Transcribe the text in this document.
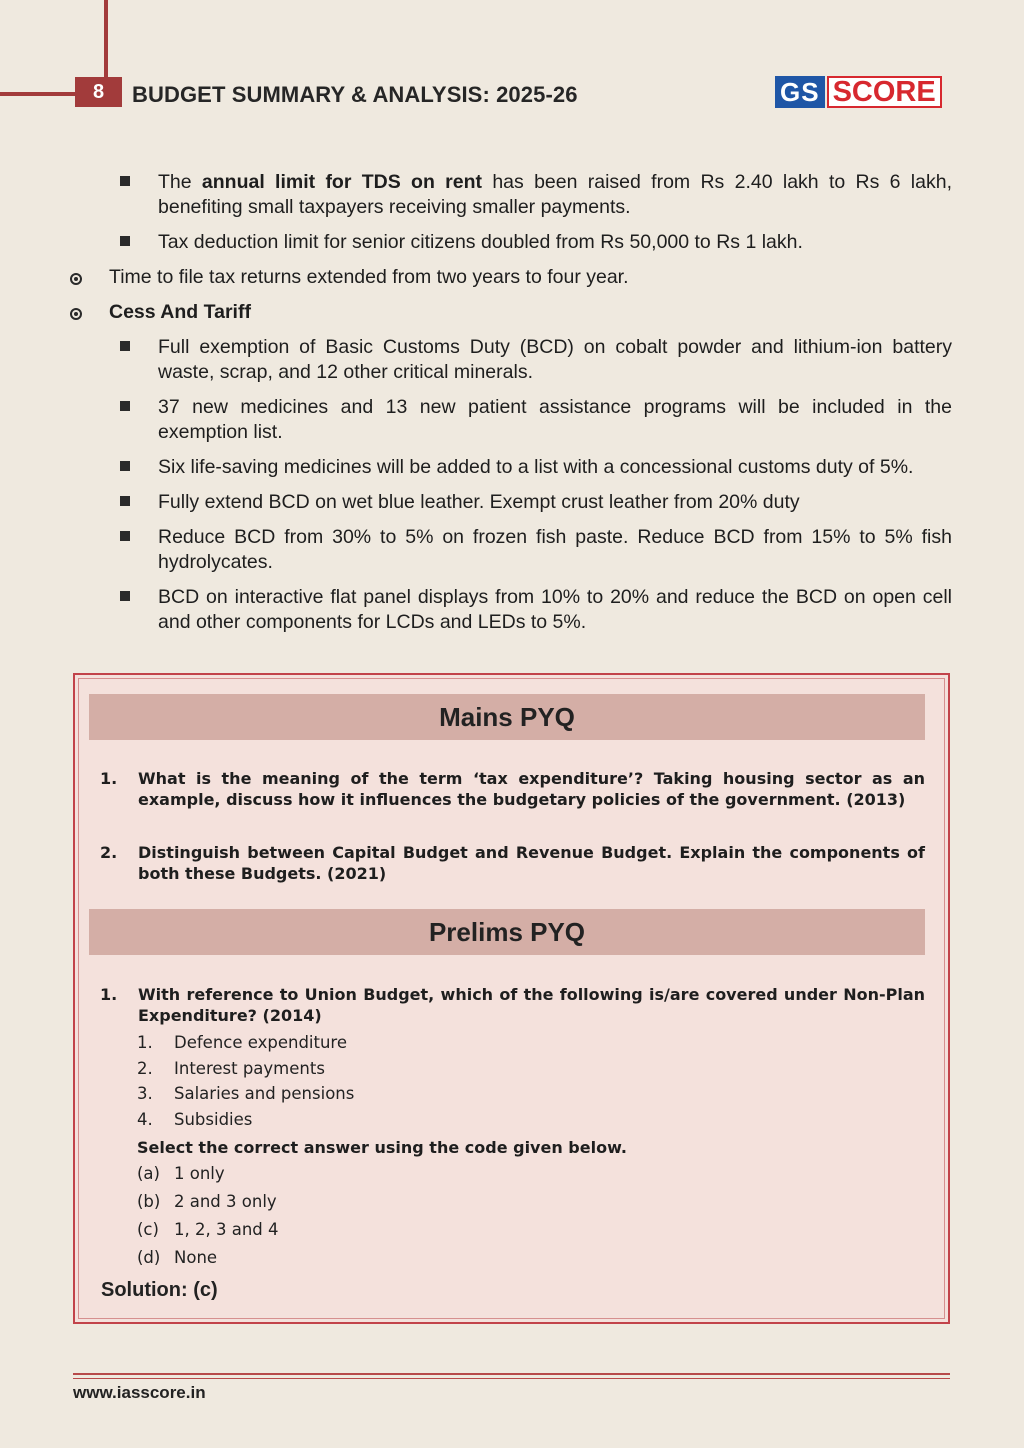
8	BUDGET SUMMARY & ANALYSIS: 2025-26	GS SCORE
The annual limit for TDS on rent has been raised from Rs 2.40 lakh to Rs 6 lakh, benefiting small taxpayers receiving smaller payments.
Tax deduction limit for senior citizens doubled from Rs 50,000 to Rs 1 lakh.
Time to file tax returns extended from two years to four year.
Cess And Tariff
Full exemption of Basic Customs Duty (BCD) on cobalt powder and lithium-ion battery waste, scrap, and 12 other critical minerals.
37 new medicines and 13 new patient assistance programs will be included in the exemption list.
Six life-saving medicines will be added to a list with a concessional customs duty of 5%.
Fully extend BCD on wet blue leather. Exempt crust leather from 20% duty
Reduce BCD from 30% to 5% on frozen fish paste. Reduce BCD from 15% to 5% fish hydrolycates.
BCD on interactive flat panel displays from 10% to 20% and reduce the BCD on open cell and other components for LCDs and LEDs to 5%.
Mains PYQ
1. What is the meaning of the term ‘tax expenditure’? Taking housing sector as an example, discuss how it influences the budgetary policies of the government. (2013)
2. Distinguish between Capital Budget and Revenue Budget. Explain the components of both these Budgets. (2021)
Prelims PYQ
1. With reference to Union Budget, which of the following is/are covered under Non-Plan Expenditure? (2014)
1.	Defence expenditure
2.	Interest payments
3.	Salaries and pensions
4.	Subsidies
Select the correct answer using the code given below.
(a) 1 only
(b) 2 and 3 only
(c) 1, 2, 3 and 4
(d) None
Solution: (c)
www.iasscore.in
